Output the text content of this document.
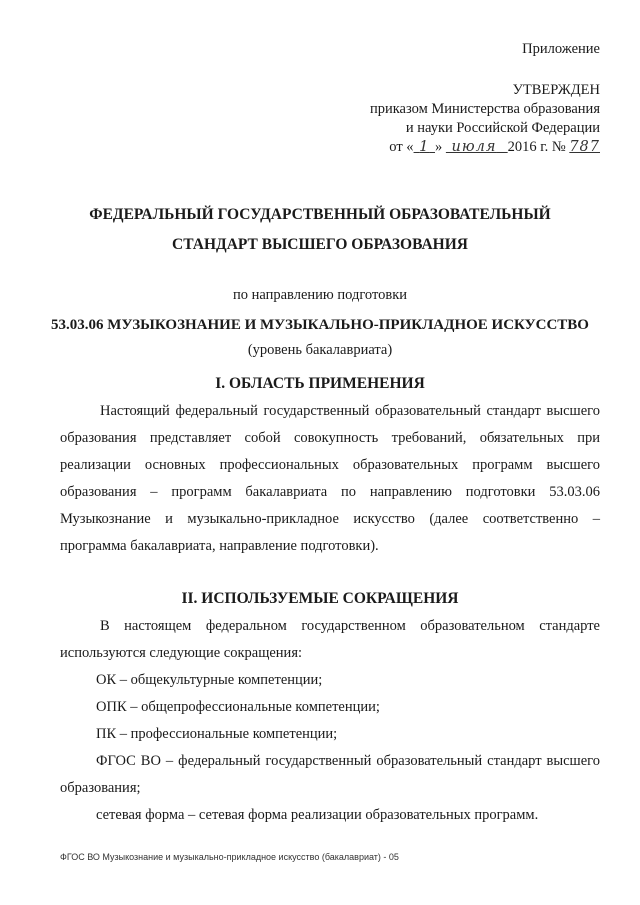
Приложение
УТВЕРЖДЕН
приказом Министерства образования
и науки Российской Федерации
от « 1 » июля 2016 г. № 787
ФЕДЕРАЛЬНЫЙ ГОСУДАРСТВЕННЫЙ ОБРАЗОВАТЕЛЬНЫЙ
СТАНДАРТ ВЫСШЕГО ОБРАЗОВАНИЯ
по направлению подготовки
53.03.06 МУЗЫКОЗНАНИЕ И МУЗЫКАЛЬНО-ПРИКЛАДНОЕ ИСКУССТВО
(уровень бакалавриата)
I. ОБЛАСТЬ ПРИМЕНЕНИЯ

Настоящий федеральный государственный образовательный стандарт высшего образования представляет собой совокупность требований, обязательных при реализации основных профессиональных образовательных программ высшего образования – программ бакалавриата по направлению подготовки 53.03.06 Музыкознание и музыкально-прикладное искусство (далее соответственно – программа бакалавриата, направление подготовки).

II. ИСПОЛЬЗУЕМЫЕ СОКРАЩЕНИЯ

В настоящем федеральном государственном образовательном стандарте используются следующие сокращения:

ОК – общекультурные компетенции;
ОПК – общепрофессиональные компетенции;
ПК – профессиональные компетенции;

ФГОС ВО – федеральный государственный образовательный стандарт высшего образования;

сетевая форма – сетевая форма реализации образовательных программ.
ФГОС ВО Музыкознание и музыкально-прикладное искусство (бакалавриат) - 05
